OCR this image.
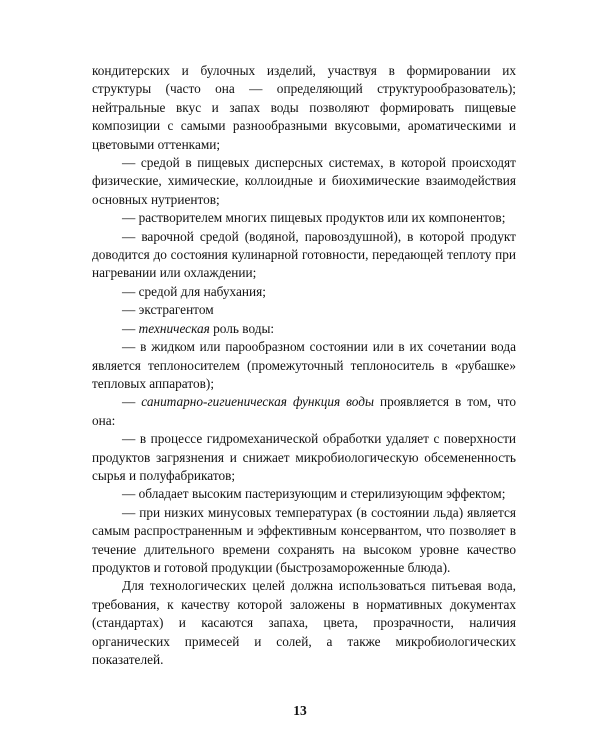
кондитерских и булочных изделий, участвуя в формировании их структуры (часто она — определяющий структурообразователь); нейтральные вкус и запах воды позволяют формировать пищевые композиции с самыми разнообразными вкусовыми, ароматическими и цветовыми оттенками;

— средой в пищевых дисперсных системах, в которой происходят физические, химические, коллоидные и биохимические взаимодействия основных нутриентов;

— растворителем многих пищевых продуктов или их компонентов;

— варочной средой (водяной, паровоздушной), в которой продукт доводится до состояния кулинарной готовности, передающей теплоту при нагревании или охлаждении;

— средой для набухания;

— экстрагентом

— техническая роль воды:

— в жидком или парообразном состоянии или в их сочетании вода является теплоносителем (промежуточный теплоноситель в «рубашке» тепловых аппаратов);

— санитарно-гигиеническая функция воды проявляется в том, что она:

— в процессе гидромеханической обработки удаляет с поверхности продуктов загрязнения и снижает микробиологическую обсемененность сырья и полуфабрикатов;

— обладает высоким пастеризующим и стерилизующим эффектом;

— при низких минусовых температурах (в состоянии льда) является самым распространенным и эффективным консервантом, что позволяет в течение длительного времени сохранять на высоком уровне качество продуктов и готовой продукции (быстрозамороженные блюда).

Для технологических целей должна использоваться питьевая вода, требования, к качеству которой заложены в нормативных документах (стандартах) и касаются запаха, цвета, прозрачности, наличия органических примесей и солей, а также микробиологических показателей.

13
